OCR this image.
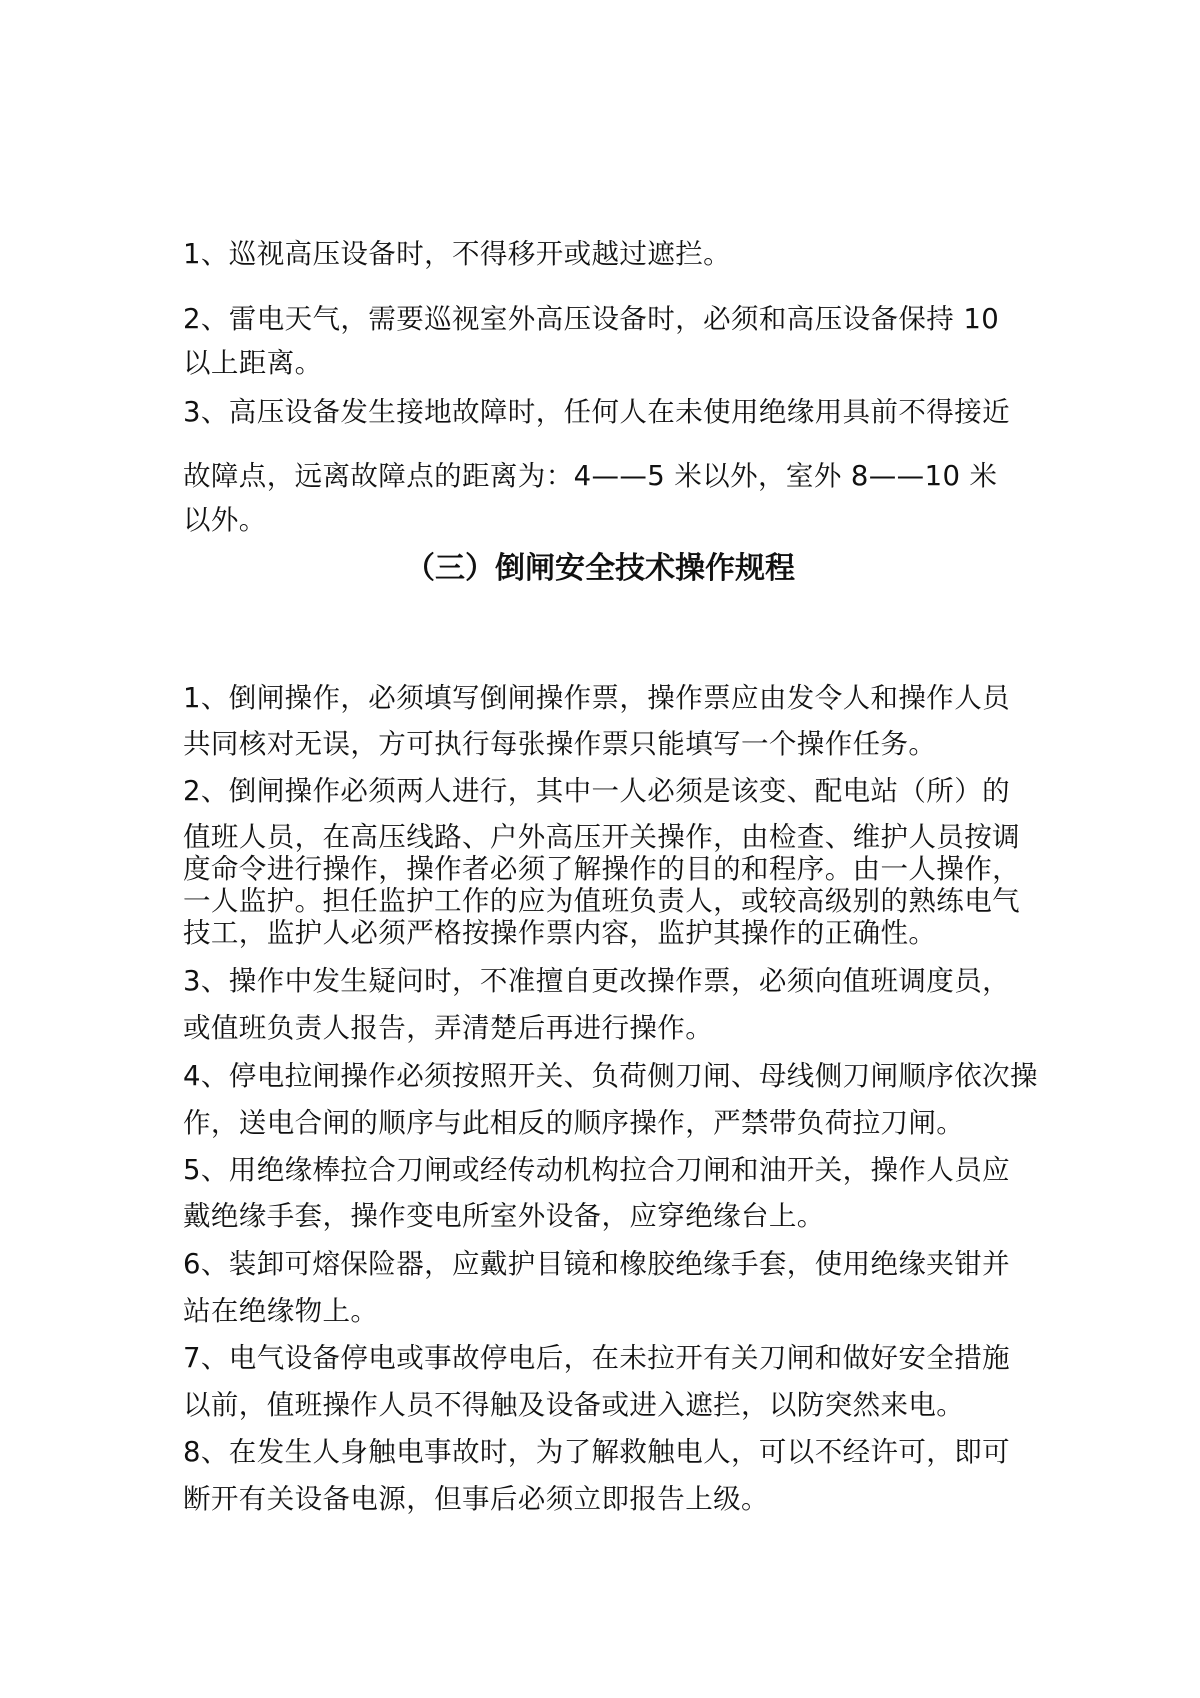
1、巡视高压设备时，不得移开或越过遮拦。
2、雷电天气，需要巡视室外高压设备时，必须和高压设备保持 10
以上距离。
3、高压设备发生接地故障时，任何人在未使用绝缘用具前不得接近
故障点，远离故障点的距离为：4——5 米以外，室外 8——10 米
以外。
（三）倒闸安全技术操作规程
1、倒闸操作，必须填写倒闸操作票，操作票应由发令人和操作人员
共同核对无误，方可执行每张操作票只能填写一个操作任务。
2、倒闸操作必须两人进行，其中一人必须是该变、配电站（所）的
值班人员，在高压线路、户外高压开关操作，由检查、维护人员按调
度命令进行操作，操作者必须了解操作的目的和程序。由一人操作，
一人监护。担任监护工作的应为值班负责人，或较高级别的熟练电气
技工，监护人必须严格按操作票内容，监护其操作的正确性。
3、操作中发生疑问时，不准擅自更改操作票，必须向值班调度员，
或值班负责人报告，弄清楚后再进行操作。
4、停电拉闸操作必须按照开关、负荷侧刀闸、母线侧刀闸顺序依次操
作，送电合闸的顺序与此相反的顺序操作，严禁带负荷拉刀闸。
5、用绝缘棒拉合刀闸或经传动机构拉合刀闸和油开关，操作人员应
戴绝缘手套，操作变电所室外设备，应穿绝缘台上。
6、装卸可熔保险器，应戴护目镜和橡胶绝缘手套，使用绝缘夹钳并
站在绝缘物上。
7、电气设备停电或事故停电后，在未拉开有关刀闸和做好安全措施
以前，值班操作人员不得触及设备或进入遮拦，以防突然来电。
8、在发生人身触电事故时，为了解救触电人，可以不经许可，即可
断开有关设备电源，但事后必须立即报告上级。
